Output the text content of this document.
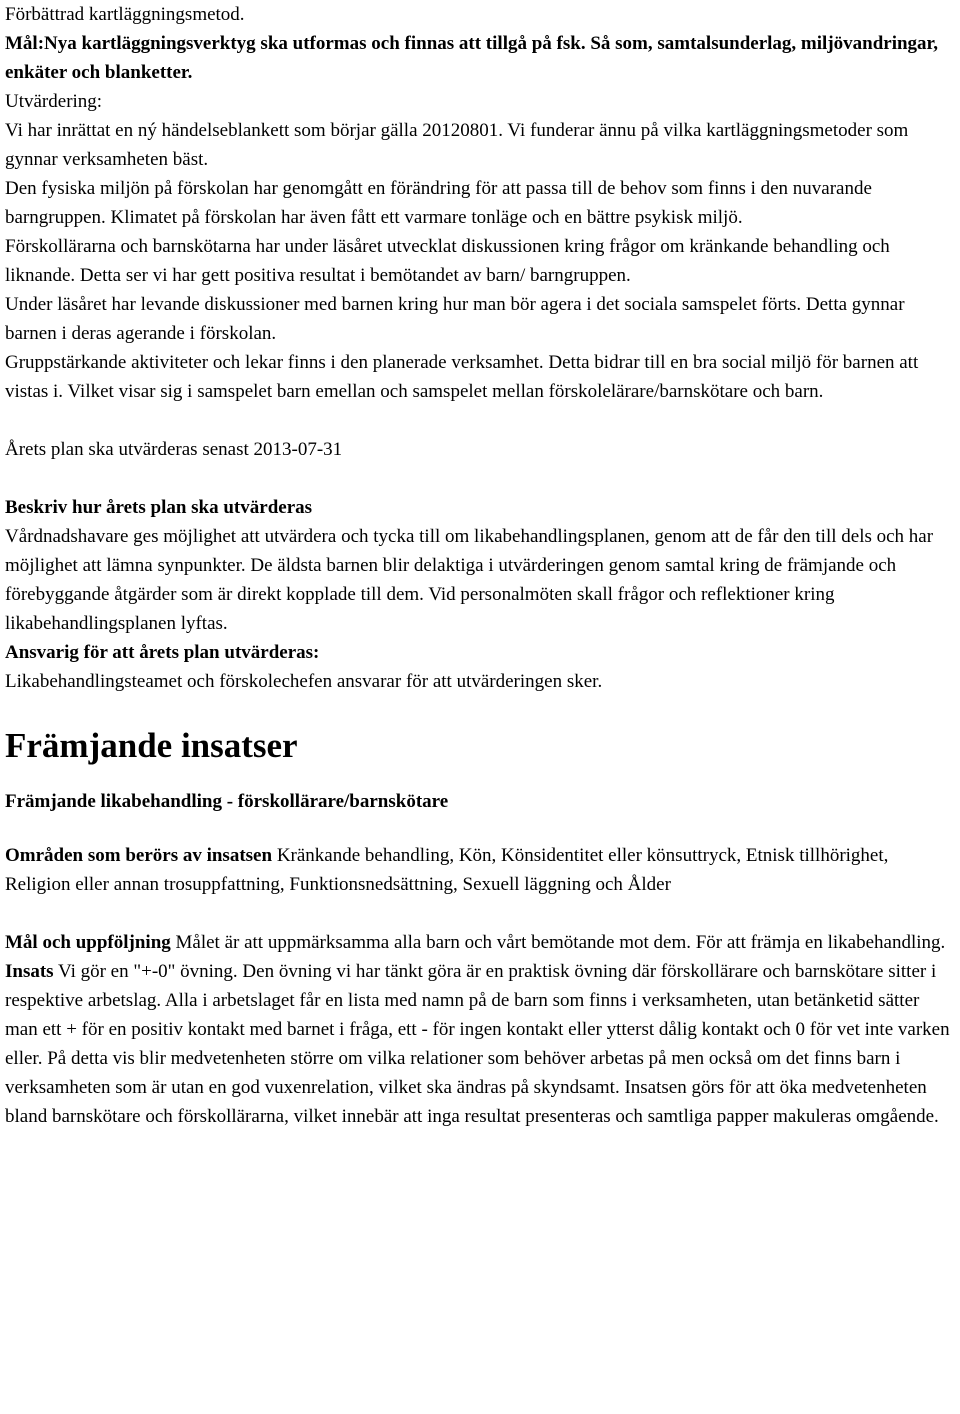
Förbättrad kartläggningsmetod.

Mål:Nya kartläggningsverktyg ska utformas och finnas att tillgå på fsk. Så som, samtalsunderlag, miljövandringar, enkäter och blanketter.

Utvärdering:

Vi har inrättat en ný händelseblankett som börjar gälla 20120801. Vi funderar ännu på vilka kartläggningsmetoder som gynnar verksamheten bäst.

Den fysiska miljön på förskolan har genomgått en förändring för att passa till de behov som finns i den nuvarande barngruppen. Klimatet på förskolan har även fått ett varmare tonläge och en bättre psykisk miljö.

Förskollärarna och barnskötarna har under läsåret utvecklat diskussionen kring frågor om kränkande behandling och liknande. Detta ser vi har gett positiva resultat i bemötandet av barn/ barngruppen.

Under läsåret har levande diskussioner med barnen kring hur man bör agera i det sociala samspelet förts. Detta gynnar barnen i deras agerande i förskolan.

Gruppstärkande aktiviteter och lekar finns i den planerade verksamhet. Detta bidrar till en bra social miljö för barnen att vistas i. Vilket visar sig i samspelet barn emellan och samspelet mellan förskolelärare/barnskötare och barn.

Årets plan ska utvärderas senast 2013-07-31

Beskriv hur årets plan ska utvärderas

Vårdnadshavare ges möjlighet att utvärdera och tycka till om likabehandlingsplanen, genom att de får den till dels och har möjlighet att lämna synpunkter. De äldsta barnen blir delaktiga i utvärderingen genom samtal kring de främjande och förebyggande åtgärder som är direkt kopplade till dem. Vid personalmöten skall frågor och reflektioner kring likabehandlingsplanen lyftas.

Ansvarig för att årets plan utvärderas:

Likabehandlingsteamet och förskolechefen ansvarar för att utvärderingen sker.

Främjande insatser
Främjande likabehandling - förskollärare/barnskötare

Områden som berörs av insatsen Kränkande behandling, Kön, Könsidentitet eller könsuttryck, Etnisk tillhörighet, Religion eller annan trosuppfattning, Funktionsnedsättning, Sexuell läggning och Ålder

Mål och uppföljning Målet är att uppmärksamma alla barn och vårt bemötande mot dem. För att främja en likabehandling.

Insats Vi gör en "+-0" övning. Den övning vi har tänkt göra är en praktisk övning där förskollärare och barnskötare sitter i respektive arbetslag. Alla i arbetslaget får en lista med namn på de barn som finns i verksamheten, utan betänketid sätter man ett + för en positiv kontakt med barnet i fråga, ett - för ingen kontakt eller ytterst dålig kontakt och 0 för vet inte varken eller. På detta vis blir medvetenheten större om vilka relationer som behöver arbetas på men också om det finns barn i verksamheten som är utan en god vuxenrelation, vilket ska ändras på skyndsamt. Insatsen görs för att öka medvetenheten bland barnskötare och förskollärarna, vilket innebär att inga resultat presenteras och samtliga papper makuleras omgående.
